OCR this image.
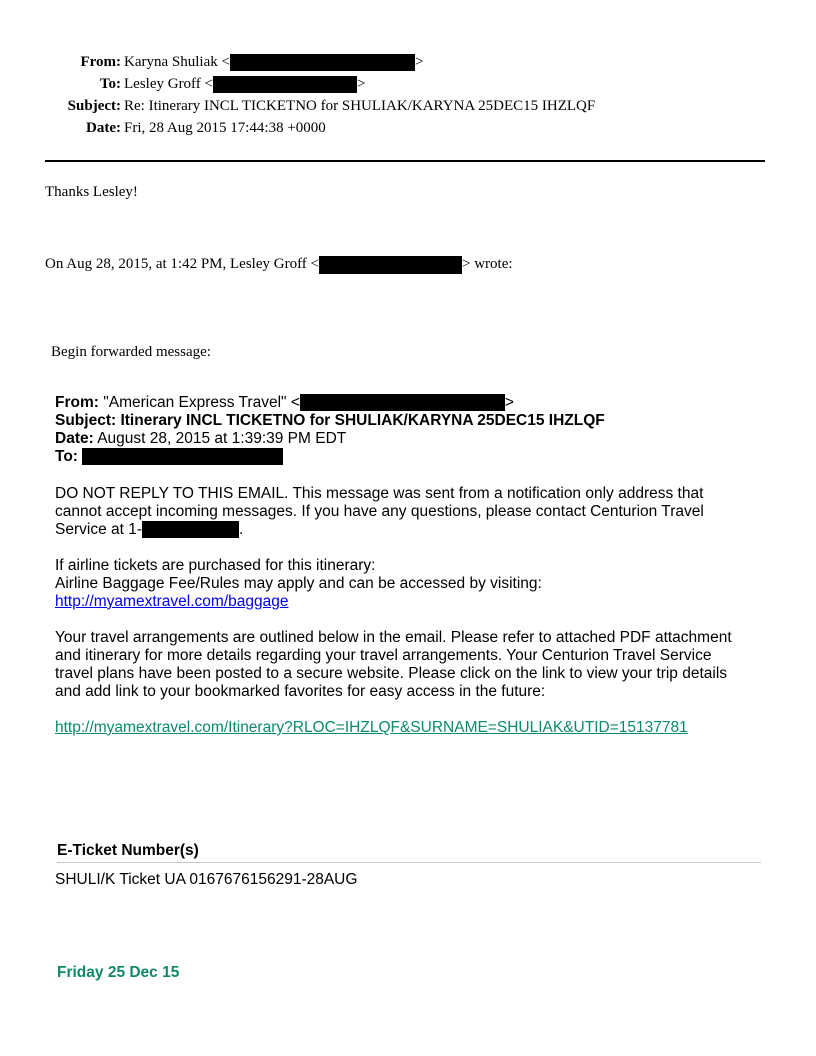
From: Karyna Shuliak <	>
To: Lesley Groff <	>
Subject: Re: Itinerary INCL TICKETNO for SHULIAK/KARYNA 25DEC15 IHZLQF
Date: Fri, 28 Aug 2015 17:44:38 +0000
Thanks Lesley!
On Aug 28, 2015, at 1:42 PM, Lesley Groff <	> wrote:
Begin forwarded message:
From: "American Express Travel" <	>
Subject: Itinerary INCL TICKETNO for SHULIAK/KARYNA 25DEC15 IHZLQF
Date: August 28, 2015 at 1:39:39 PM EDT
To:
DO NOT REPLY TO THIS EMAIL. This message was sent from a notification only address that
cannot accept incoming messages. If you have any questions, please contact Centurion Travel
Service at 1-	.
If airline tickets are purchased for this itinerary:
Airline Baggage Fee/Rules may apply and can be accessed by visiting:
http://myamextravel.com/baggage
Your travel arrangements are outlined below in the email. Please refer to attached PDF attachment
and itinerary for more details regarding your travel arrangements. Your Centurion Travel Service
travel plans have been posted to a secure website. Please click on the link to view your trip details
and add link to your bookmarked favorites for easy access in the future:
http://myamextravel.com/Itinerary?RLOC=IHZLQF&SURNAME=SHULIAK&UTID=15137781
E-Ticket Number(s)
SHULI/K Ticket UA 0167676156291-28AUG
Friday 25 Dec 15
